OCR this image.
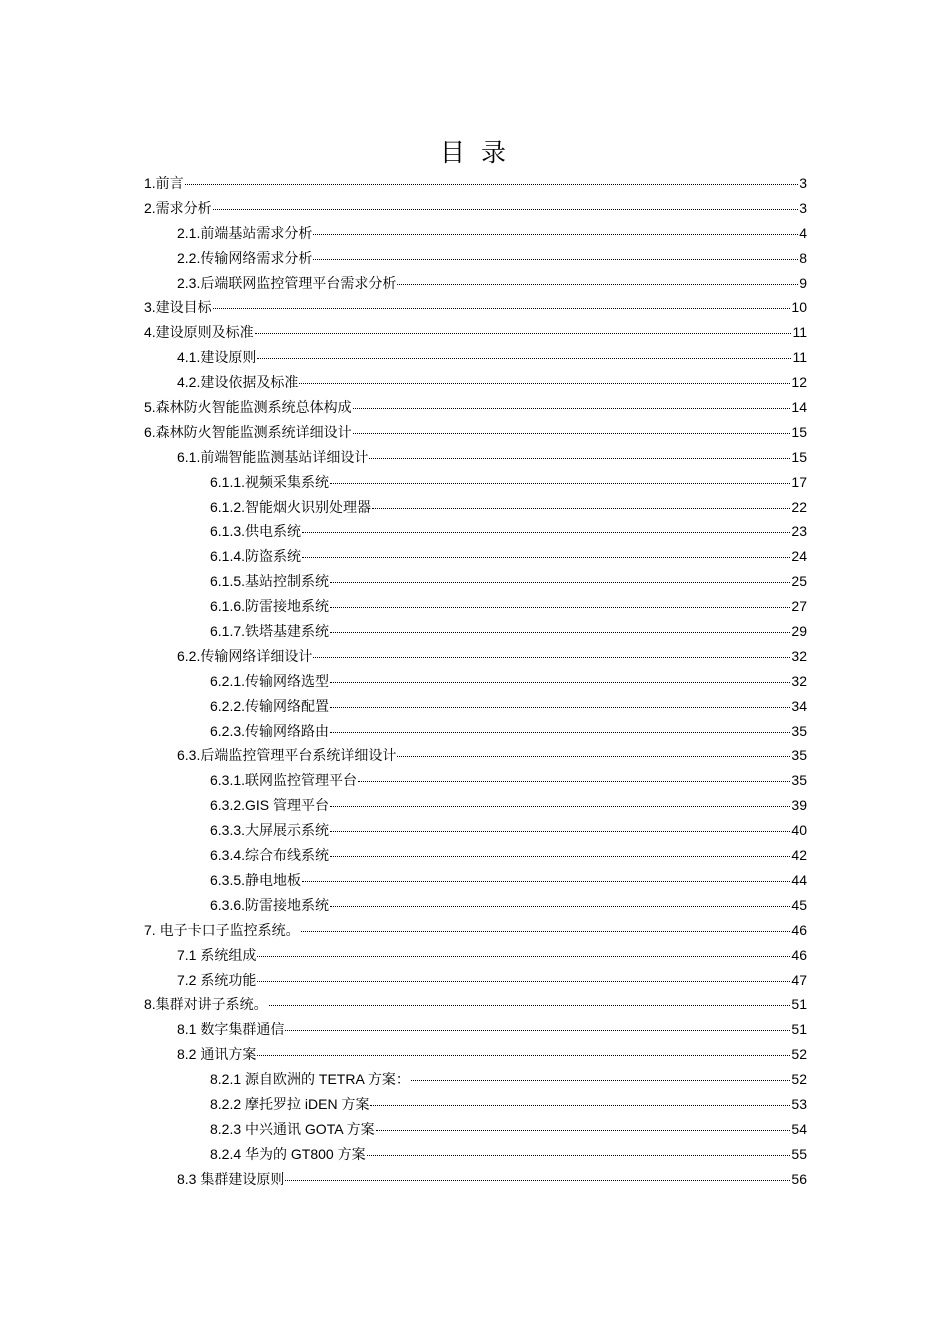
目 录
1.前言	3
2.需求分析	3
2.1.前端基站需求分析	4
2.2.传输网络需求分析	8
2.3.后端联网监控管理平台需求分析	9
3.建设目标	10
4.建设原则及标准	11
4.1.建设原则	11
4.2.建设依据及标准	12
5.森林防火智能监测系统总体构成	14
6.森林防火智能监测系统详细设计	15
6.1.前端智能监测基站详细设计	15
6.1.1.视频采集系统	17
6.1.2.智能烟火识别处理器	22
6.1.3.供电系统	23
6.1.4.防盗系统	24
6.1.5.基站控制系统	25
6.1.6.防雷接地系统	27
6.1.7.铁塔基建系统	29
6.2.传输网络详细设计	32
6.2.1.传输网络选型	32
6.2.2.传输网络配置	34
6.2.3.传输网络路由	35
6.3.后端监控管理平台系统详细设计	35
6.3.1.联网监控管理平台	35
6.3.2.GIS 管理平台	39
6.3.3.大屏展示系统	40
6.3.4.综合布线系统	42
6.3.5.静电地板	44
6.3.6.防雷接地系统	45
7. 电子卡口子监控系统。	46
7.1 系统组成	46
7.2 系统功能	47
8.集群对讲子系统。	51
8.1 数字集群通信	51
8.2 通讯方案	52
8.2.1 源自欧洲的 TETRA 方案：	52
8.2.2 摩托罗拉 iDEN 方案	53
8.2.3 中兴通讯 GOTA 方案	54
8.2.4 华为的 GT800 方案	55
8.3 集群建设原则	56
